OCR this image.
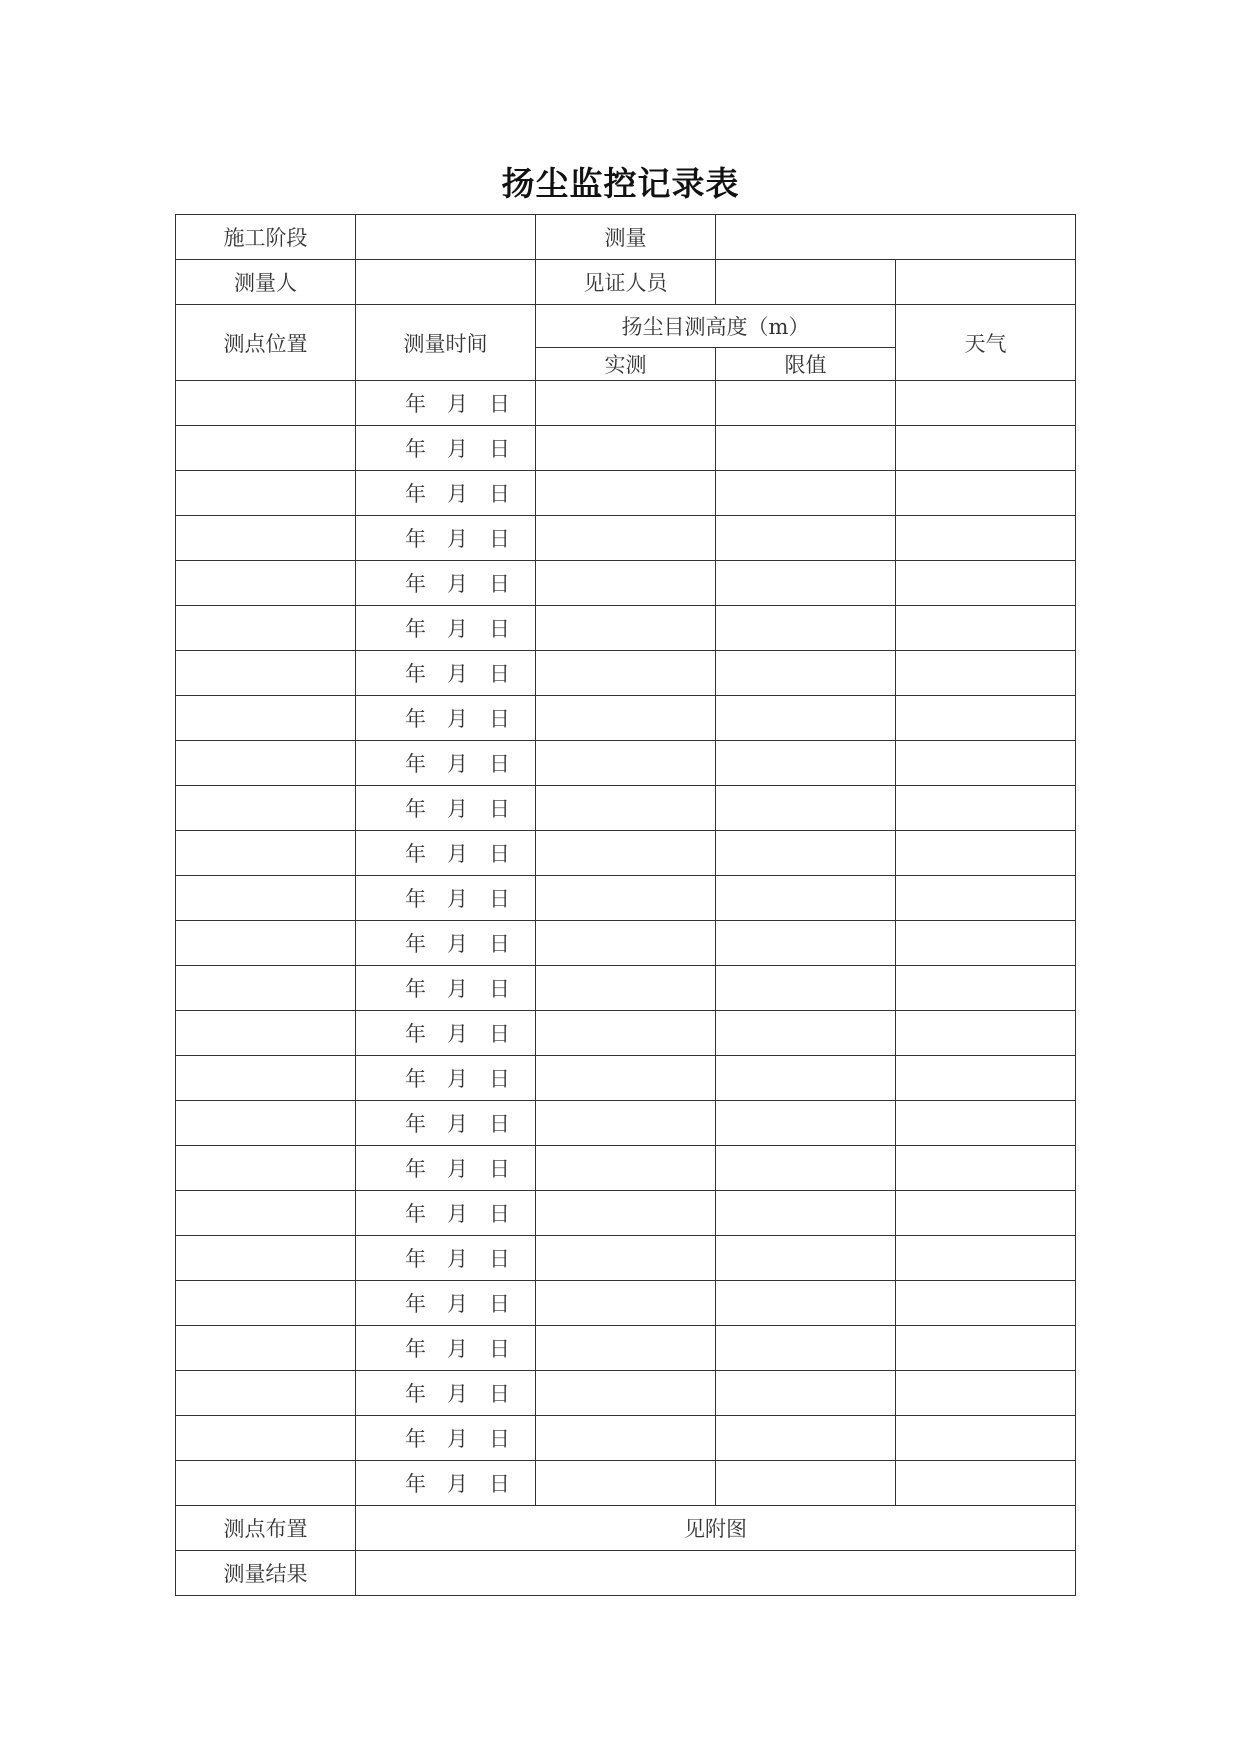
扬尘监控记录表
施工阶段		测量		
测量人		见证人员		
测点位置	测量时间	扬尘目测高度（m）		天气
		实测	限值	
	年 月 日			
	年 月 日			
	年 月 日			
	年 月 日			
	年 月 日			
	年 月 日			
	年 月 日			
	年 月 日			
	年 月 日			
	年 月 日			
	年 月 日			
	年 月 日			
	年 月 日			
	年 月 日			
	年 月 日			
	年 月 日			
	年 月 日			
	年 月 日			
	年 月 日			
	年 月 日			
	年 月 日			
	年 月 日			
	年 月 日			
	年 月 日			
	年 月 日			
测点布置	见附图			
测量结果				
